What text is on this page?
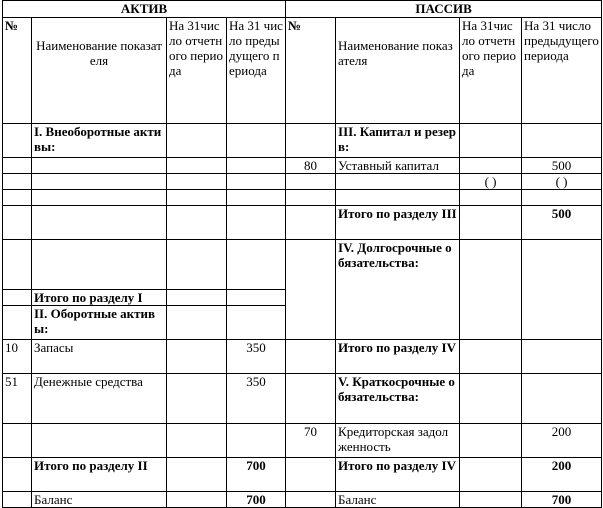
АКТИВ				ПАССИВ			
№	Наименование показателя	На 31число отчетного периода	На 31 число предыдущего периода	№	Наименование показателя	На 31число отчетного периода	На 31 число предыдущего периода
	I. Внеоборотные активы:				III. Капитал и резерв:		
				80	Уставный капитал		500
						( )	( )

					Итого по разделу III		500
					IV. Долгосрочные обязательства:		
	Итого по разделу I						
	II. Оборотные активы:						
10	Запасы		350		Итого по разделу IV		
51	Денежные средства		350		V. Краткосрочные обязательства:		
				70	Кредиторская задолженность		200
	Итого по разделу II		700		Итого по разделу IV		200
	Баланс		700		Баланс		700
